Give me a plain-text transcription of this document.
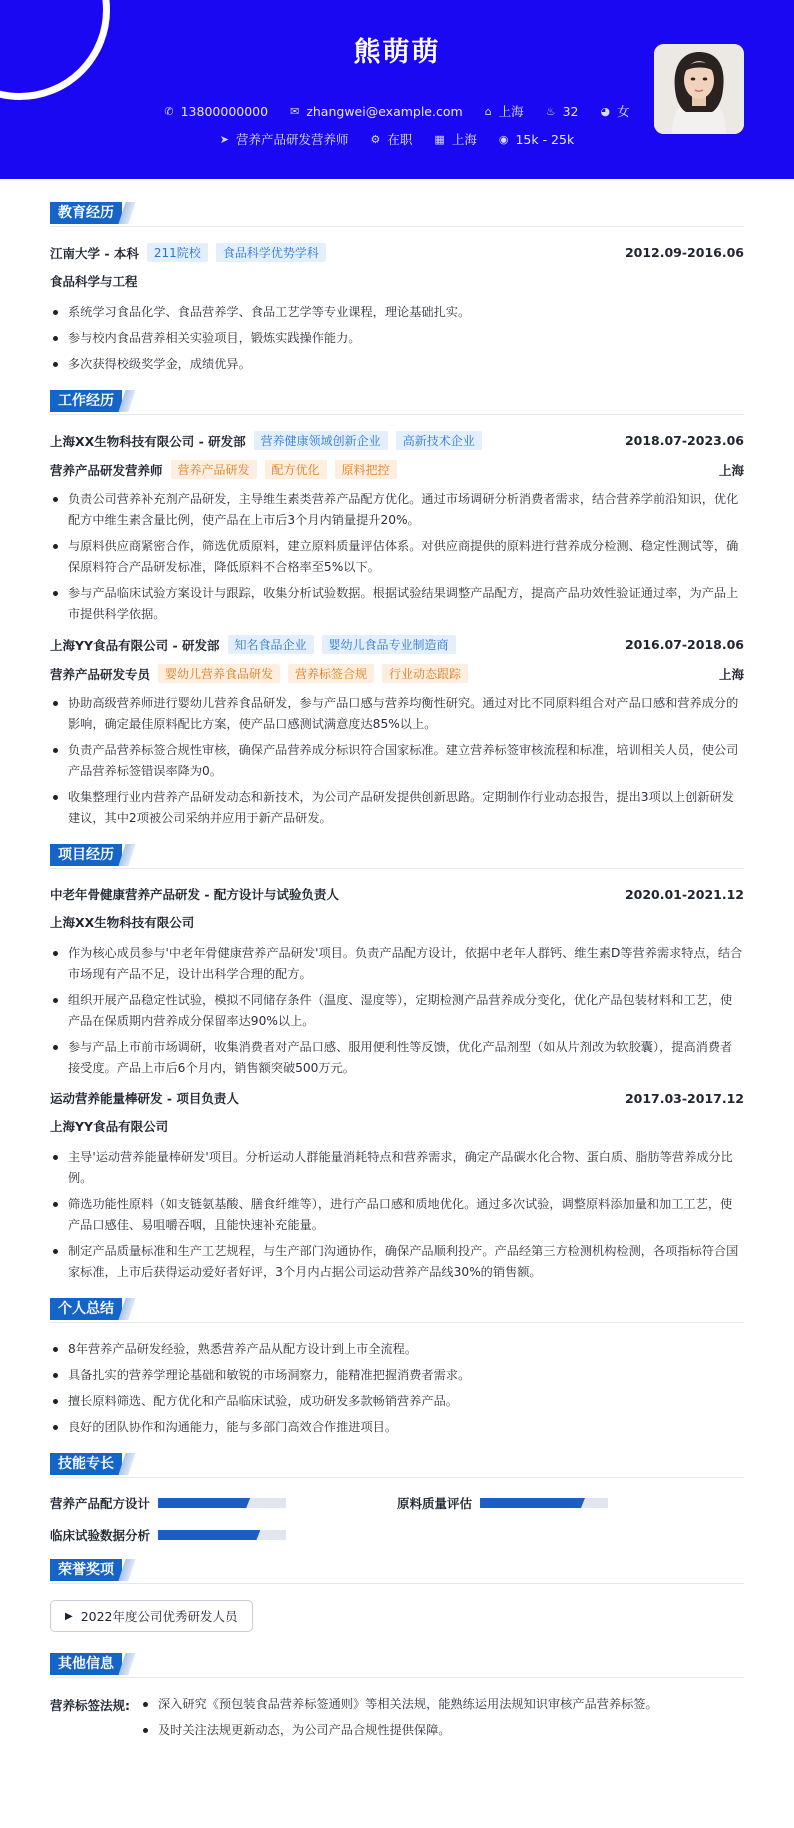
熊萌萌
✆ 13800000000 ✉ zhangwei@example.com ⌂ 上海 ♨ 32 ◕ 女
➤ 营养产品研发营养师 ⚙ 在职 ▦ 上海 ◉ 15k - 25k
教育经历
江南大学 - 本科	211院校	食品科学优势学科	2012.09-2016.06
食品科学与工程
系统学习食品化学、食品营养学、食品工艺学等专业课程，理论基础扎实。
参与校内食品营养相关实验项目，锻炼实践操作能力。
多次获得校级奖学金，成绩优异。
工作经历
上海XX生物科技有限公司 - 研发部	营养健康领域创新企业	高新技术企业	2018.07-2023.06
营养产品研发营养师	营养产品研发	配方优化	原料把控	上海
负责公司营养补充剂产品研发，主导维生素类营养产品配方优化。通过市场调研分析消费者需求，结合营养学前沿知识，优化配方中维生素含量比例，使产品在上市后3个月内销量提升20%。
与原料供应商紧密合作，筛选优质原料，建立原料质量评估体系。对供应商提供的原料进行营养成分检测、稳定性测试等，确保原料符合产品研发标准，降低原料不合格率至5%以下。
参与产品临床试验方案设计与跟踪，收集分析试验数据。根据试验结果调整产品配方，提高产品功效性验证通过率，为产品上市提供科学依据。
上海YY食品有限公司 - 研发部	知名食品企业	婴幼儿食品专业制造商	2016.07-2018.06
营养产品研发专员	婴幼儿营养食品研发	营养标签合规	行业动态跟踪	上海
协助高级营养师进行婴幼儿营养食品研发，参与产品口感与营养均衡性研究。通过对比不同原料组合对产品口感和营养成分的影响，确定最佳原料配比方案，使产品口感测试满意度达85%以上。
负责产品营养标签合规性审核，确保产品营养成分标识符合国家标准。建立营养标签审核流程和标准，培训相关人员，使公司产品营养标签错误率降为0。
收集整理行业内营养产品研发动态和新技术，为公司产品研发提供创新思路。定期制作行业动态报告，提出3项以上创新研发建议，其中2项被公司采纳并应用于新产品研发。
项目经历
中老年骨健康营养产品研发 - 配方设计与试验负责人	2020.01-2021.12
上海XX生物科技有限公司
作为核心成员参与'中老年骨健康营养产品研发'项目。负责产品配方设计，依据中老年人群钙、维生素D等营养需求特点，结合市场现有产品不足，设计出科学合理的配方。
组织开展产品稳定性试验，模拟不同储存条件（温度、湿度等），定期检测产品营养成分变化，优化产品包装材料和工艺，使产品在保质期内营养成分保留率达90%以上。
参与产品上市前市场调研，收集消费者对产品口感、服用便利性等反馈，优化产品剂型（如从片剂改为软胶囊），提高消费者接受度。产品上市后6个月内，销售额突破500万元。
运动营养能量棒研发 - 项目负责人	2017.03-2017.12
上海YY食品有限公司
主导'运动营养能量棒研发'项目。分析运动人群能量消耗特点和营养需求，确定产品碳水化合物、蛋白质、脂肪等营养成分比例。
筛选功能性原料（如支链氨基酸、膳食纤维等），进行产品口感和质地优化。通过多次试验，调整原料添加量和加工工艺，使产品口感佳、易咀嚼吞咽，且能快速补充能量。
制定产品质量标准和生产工艺规程，与生产部门沟通协作，确保产品顺利投产。产品经第三方检测机构检测，各项指标符合国家标准，上市后获得运动爱好者好评，3个月内占据公司运动营养产品线30%的销售额。
个人总结
8年营养产品研发经验，熟悉营养产品从配方设计到上市全流程。
具备扎实的营养学理论基础和敏锐的市场洞察力，能精准把握消费者需求。
擅长原料筛选、配方优化和产品临床试验，成功研发多款畅销营养产品。
良好的团队协作和沟通能力，能与多部门高效合作推进项目。
技能专长
营养产品配方设计	原料质量评估
临床试验数据分析
荣誉奖项
▶ 2022年度公司优秀研发人员
其他信息
营养标签法规:	深入研究《预包装食品营养标签通则》等相关法规，能熟练运用法规知识审核产品营养标签。
及时关注法规更新动态，为公司产品合规性提供保障。
